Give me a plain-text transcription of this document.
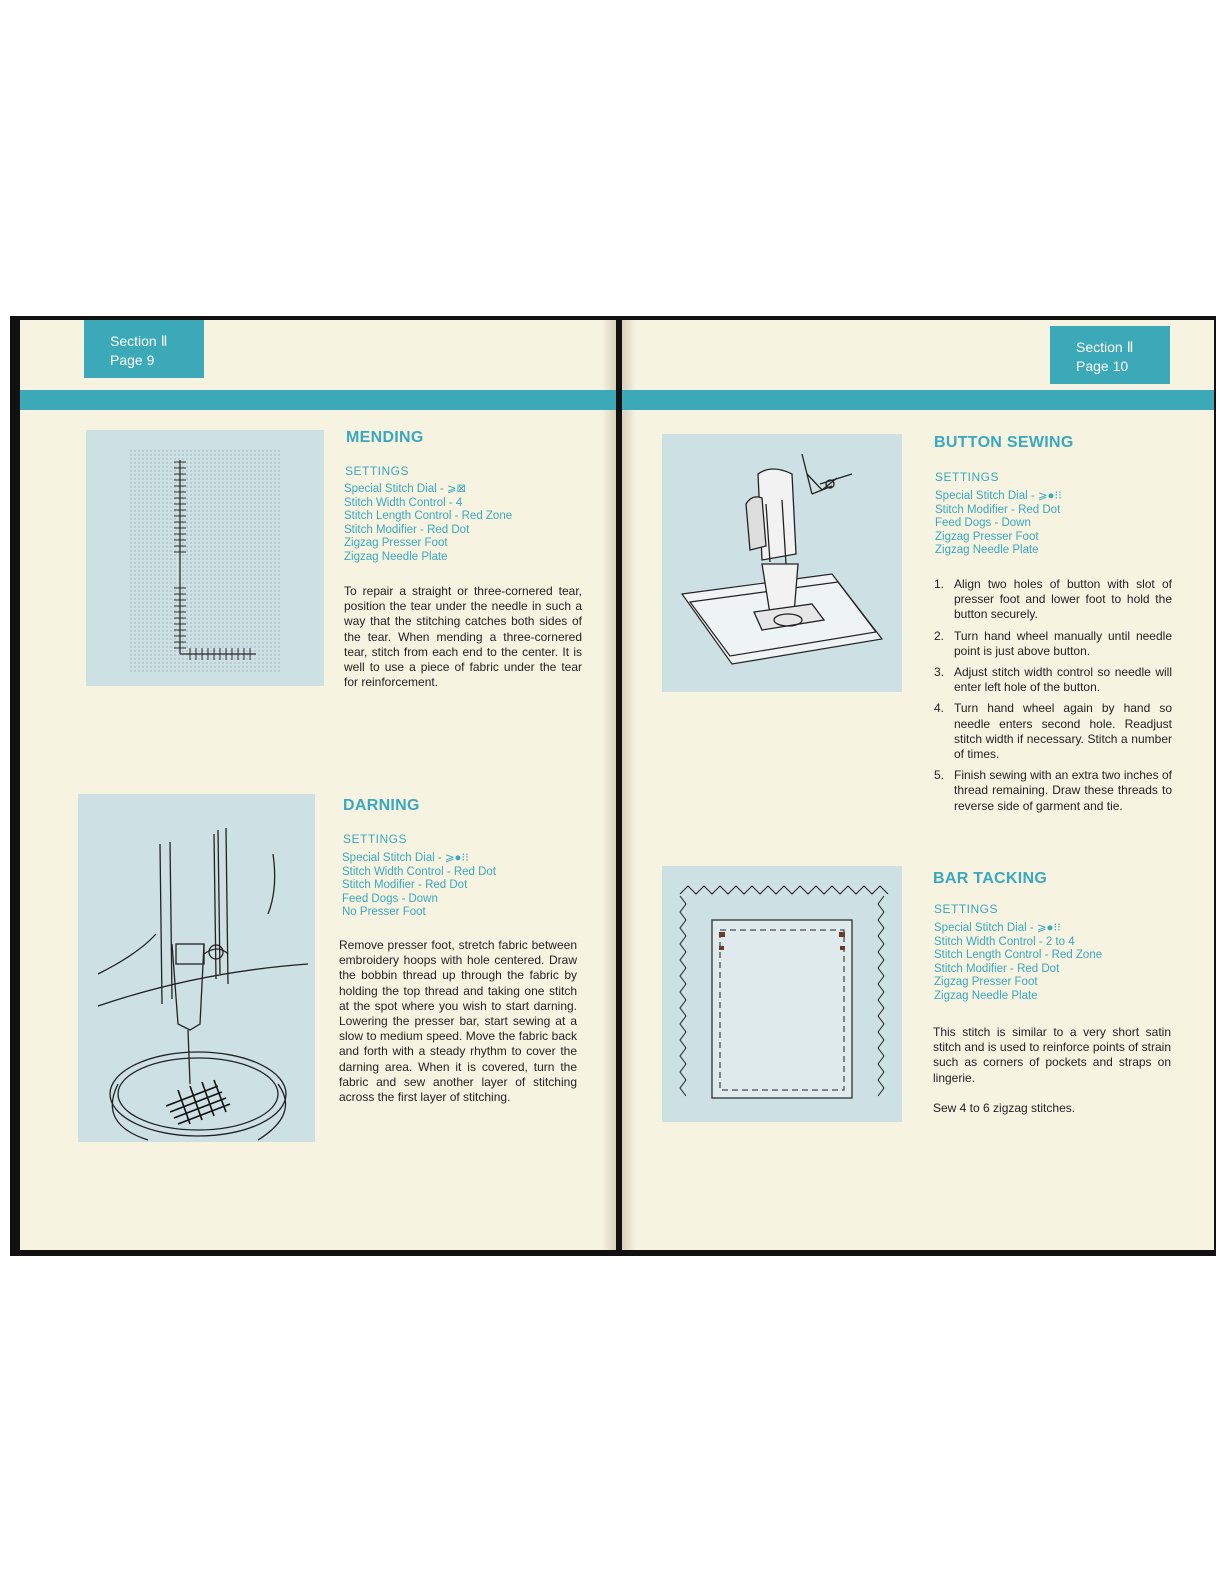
Section Ⅱ
Page 9
MENDING
SETTINGS
Special Stitch Dial - ⩾⊠
Stitch Width Control - 4
Stitch Length Control - Red Zone
Stitch Modifier - Red Dot
Zigzag Presser Foot
Zigzag Needle Plate
To repair a straight or three-cornered tear, position the tear under the needle in such a way that the stitching catches both sides of the tear. When mending a three-cornered tear, stitch from each end to the center. It is well to use a piece of fabric under the tear for reinforcement.
DARNING
SETTINGS
Special Stitch Dial - ⩾●⁝⁝
Stitch Width Control - Red Dot
Stitch Modifier - Red Dot
Feed Dogs - Down
No Presser Foot
Remove presser foot, stretch fabric between embroidery hoops with hole centered. Draw the bobbin thread up through the fabric by holding the top thread and taking one stitch at the spot where you wish to start darning. Lowering the presser bar, start sewing at a slow to medium speed. Move the fabric back and forth with a steady rhythm to cover the darning area. When it is covered, turn the fabric and sew another layer of stitching across the first layer of stitching.
Section Ⅱ
Page 10
BUTTON SEWING
SETTINGS
Special Stitch Dial - ⩾●⁝⁝
Stitch Modifier - Red Dot
Feed Dogs - Down
Zigzag Presser Foot
Zigzag Needle Plate
1. Align two holes of button with slot of presser foot and lower foot to hold the button securely.
2. Turn hand wheel manually until needle point is just above button.
3. Adjust stitch width control so needle will enter left hole of the button.
4. Turn hand wheel again by hand so needle enters second hole. Readjust stitch width if necessary. Stitch a number of times.
5. Finish sewing with an extra two inches of thread remaining. Draw these threads to reverse side of garment and tie.
BAR TACKING
SETTINGS
Special Stitch Dial - ⩾●⁝⁝
Stitch Width Control - 2 to 4
Stitch Length Control - Red Zone
Stitch Modifier - Red Dot
Zigzag Presser Foot
Zigzag Needle Plate
This stitch is similar to a very short satin stitch and is used to reinforce points of strain such as corners of pockets and straps on lingerie.
Sew 4 to 6 zigzag stitches.
